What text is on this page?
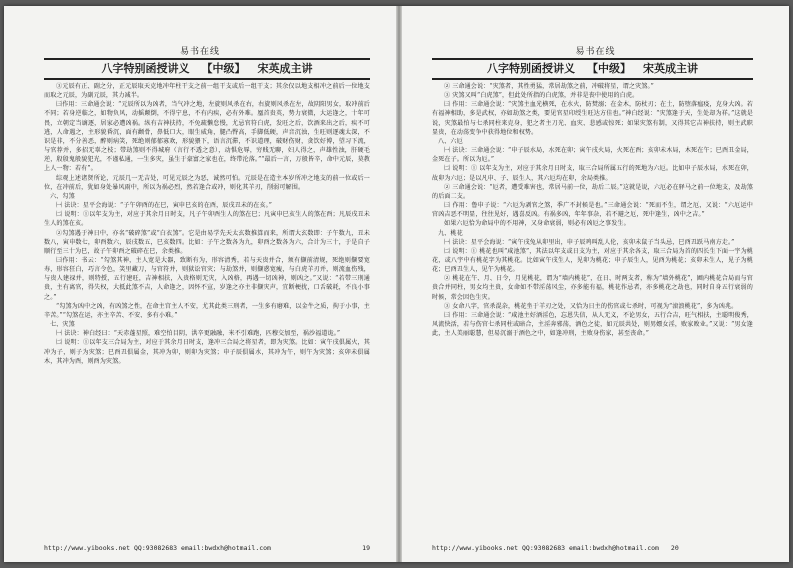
易书在线
八字特别函授讲义 【中级】 宋英成主讲

③元辰有正、副之分，正元辰取天克地冲年柱干支之前一组干支或后一组干支；其余仅以地支相冲之前后一位地支而取之元辰，为副元辰，其力减半。

㈢作用：三命通会说：“元辰所以为凶者，当气冲之地，左旋则风杀在右，右旋则风杀在左，故阴阳男女，取冲前后不同；若身逆临之，如物负风，动摇颠倒，不得宁息，不有内疾，必有外难。凰首贵英，势力衰微，大运逢之，十年可畏，立朝定当谪逐，居家必遭凶祸。纵有吉神扶持，不免疏懒怠慢，尤忌官符白虎，发旺之后，饮酒来出之后，疾不可逃，人命遇之，主形貌昏沉，面有颧骨，鼻低口大，眼生威角，腿凸臀高，手脚低硬，声音沉浊，生旺则逐魂太深，不识是非，不分善恶，醉则病笑，死绝则郁郁寡欢，形貌猥下，语言沉滞，不识道理，破财伤财，贪饮好博，望习下流，与官荐并，多招无辜之枝；带劫煞则不得城府（言行不透之意），动惧危辱，穷贱无聊，妇人得之，声雄性浊，肝硬毛逆，殷殷鬼般貌犯光，不谨私通，一生多灾，虽生于豪富之家也在，终带沦落。”“最后一言，万般皆辛，命中元辰，莫教上人一物：若有”。

综观上述诸贤所论，元辰几一无吉处，可见元辰之为恶，诚然可怕。元辰是在造主本岁所冲之地支的前一位或后一位，在冲前后，犹如身处暴风雨中，所以为祸必烈，然若逢合或冲，则化其羊刃，削弱可解围。

六、勾煞

㈠ 法诀：星平会海说：“子午卯酉的在巳，寅申巳亥的在酉，辰戌丑未的在亥。”

㈡ 说明：①以年支为主，对应于其余月日时支，凡子午卯酉生人的煞在巳；凡寅申巳亥生人的煞在酉；凡辰戌丑未生人的煞在亥。

②勾煞遇于神日中，亦名“破碎煞”或“白衣煞”。它是由易学先天太玄数推算而来，所谓大玄数即：子午数九，丑未数八，寅申数七，卯酉数六，辰戌数五，巳亥数四。比如：子午之数各为九，卯酉之数各为六，合计为三十，于是自子顺行至三十为巳，故子午卯酉之破碎在巳，余类推。

㈢作用：书云：“勾煞其神，主人宽是大器，致断有为，形容清秀，若与天贵并合，须有撷前清规，死绝则撷要宽寿，形容狂白，巧言令色，笑里藏刀，与官符并，则狱讼官灾；与劫煞并，则撷惑宽瘦，与白虎羊刃并，则流血伤残，与贵人建禄并，则特授，五行建旺，吉神相扶，入贵格则无灾，入凶格，再遇一切凶神，则凶之。”又说：“若带三刑通贵，主有离官，得失权，大抵此煞不吉，人命逢之，因怀不宣，岁逢之亦主非撷灾声，宜断梗扰，口舌破耗，不良小事之。”

“勾煞为凶中之凶，有凶煞之性，在命主宫主人不安，尤其此类三刑者，一生多有磨难，以金牛之质，拘于小事，主辛苦。”“勾煞在运，亦主辛苦、不安、多有小难。”

七、灾煞

㈠ 法诀：神白经曰：“天赤蓬星照，难空怕目阴，洪辛更融融，米不引难跑，匹穆交加至，祸沙福道诡。”

㈡ 说明：①以年支三合局为主，对应于其余月日时支，逢冲三合局之将星者，即为灾煞。比如：寅午戌俱属火，其冲为子，则子为灾煞；巳酉丑俱属金，其冲为卯，则卯为灾煞；申子辰俱属水，其冲为午，则午为灾煞；亥卯未俱属木，其冲为酉，则酉为灾煞。

http://www.yibooks.net QQ:93082683 email:bwdxh@hotmail.com	19
易书在线
八字特别函授讲义 【中级】 宋英成主讲

② 三命通会说：“灾煞者，其性勇猛，常居劫煞之前，冲破将星，谓之灾煞。”

③ 灾煞又叫“白虎煞”，但此处所指的白虎煞，并非是丧中使用的白虎。

㈢ 作用：三命通会说：“灾煞主血光横死，在水火，防焚溺；在金木，防杖刃；在土，防堕落瘟疫，克身大凶。若有福神相助，多是武权，亦如劫煞之类，要见官星印绶生旺达方佳也。”神白经说：“灾煞逢于天，生处却为祥。”这就是说，灾煞最怕与七杀同柱来克身，犯之者主刀光、血灾、悲感或惊死；如果灾煞有制，又得其它吉神扶持，则主武职显贵，在动荡变争中获得地位和权势。

八、六厄

㈠ 法诀：三命通会说：“申子辰水局，水死在卯；寅午戌火局，火死在酉；亥卯未木局，木死在午；巳酉丑金局，金死在子。所以为厄。”

㈡ 说明：① 以年支为主，对应于其余月日时支，取三合局所属五行的死地为六厄。比如申子辰水局，水死在卯，故卯为六厄；是以凡申、子、辰生人，其六厄均在卯，余局类推。

② 三命通会说：“厄者，遭受难害也，常居马前一位，劫后二辰。”这就是说，六厄必在驿马之前一位地支，及劫煞的后面二支。

㈢ 作用：鲁申子说：“六厄为剥官之煞，季广不封候是也。”三命通会说：“死而不生，谓之厄，又说：“六厄运中官凶吉恶不明显，往往见好，遇喜反凶。有祸多凶，年年事杂，若不避之厄，死中逢生，凶中之吉。”

如果六厄恰为命局中的不用神，又身命衰弱，则必有凶厄之事发生。

九、桃花

㈠ 法诀：星平会海说：“寅午戌兔从卯里出，申子辰鸡叫乱人伦，亥卯未鼠子当头忌，巳酉丑跃马南方走。”

㈡ 说明：① 桃花也叫“咸池煞”，其法以年支或日支为主，对应于其余各支，取三合局为首的四长生下面一宇为桃花，或八宇中有桃花字为其桃花。比如寅午戌生人，见卯为桃花；申子辰生人，见酉为桃花；亥卯未生人，见子为桃花；巳酉丑生人，见午为桃花。

② 桃花在午、月、日令，月见桃花，谓为“墙内桃花”，在日、时两支者，称为“墙外桃花”，圃内桃花合局而与官贵合并同柱，男女均主贵，女命如不带淫荡风尘，亦多能有福，桃花作忌者，亦多桃花之劫也，同时自身五行衰弱的时候，常会因色生灾。

③ 女命八字，官杀混杂，桃花坐于羊刃之处，又恰为日主的伤官或七杀时，可视为“滚浪桃花”，多为凶兆。

㈢ 作用：三命通会说：“咸池主好酒淫色，忘恩失信，从人无义，不论男女，五行合吉，旺气相扶，主聪明俊秀，风流快活，若与伤官七杀同柱或暗合，主淫奔邪荡，酒色之徒，如元辰共处，则男嫖女淫，败家败业。”又说：“男女逢此，主人美丽聪慧，但易沉溺于酒色之中，如逢冲刑，主败身伤家，甚至丧命。”

http://www.yibooks.net QQ:93082683 email:bwdxh@hotmail.com 20
